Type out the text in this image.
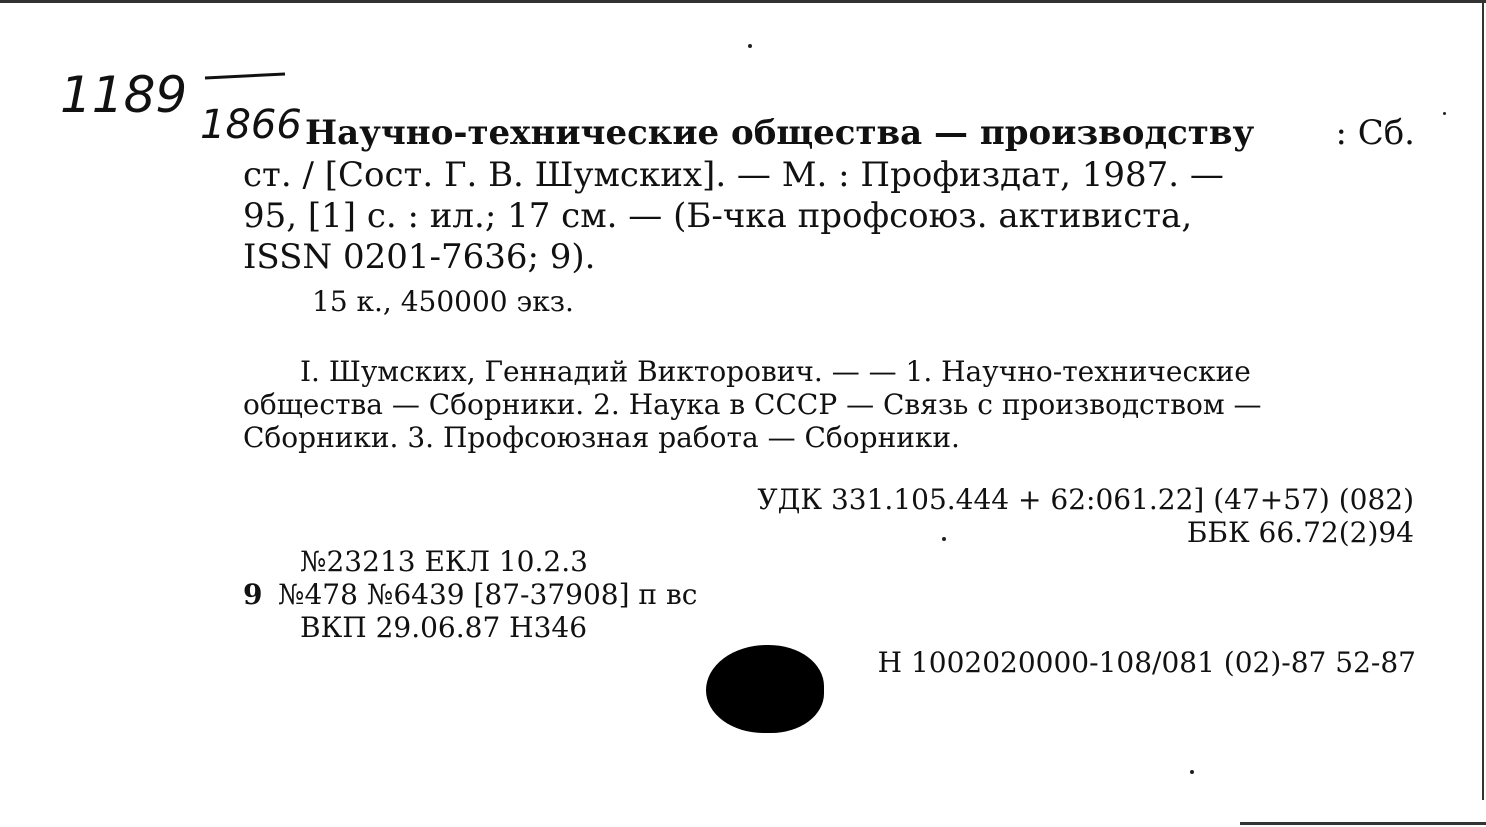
1189
1866 Научно-технические общества — производству : Сб.

ст. / [Сост. Г. В. Шумских]. — М. : Профиздат, 1987. —

95, [1] с. : ил.; 17 см. — (Б-чка профсоюз. активиста,

ISSN 0201-7636; 9).

15 к., 450000 экз.

I. Шумских, Геннадий Викторович. — — 1. Научно-технические

общества — Сборники. 2. Наука в СССР — Связь с производством —

Сборники. 3. Профсоюзная работа — Сборники.

УДК 331.105.444 + 62:061.22] (47+57) (082)

ББК 66.72(2)94

№23213 ЕКЛ 10.2.3

9 №478 №6439 [87-37908] п вс

ВКП 29.06.87 Н346

Н 1002020000-108/081 (02)-87 52-87
